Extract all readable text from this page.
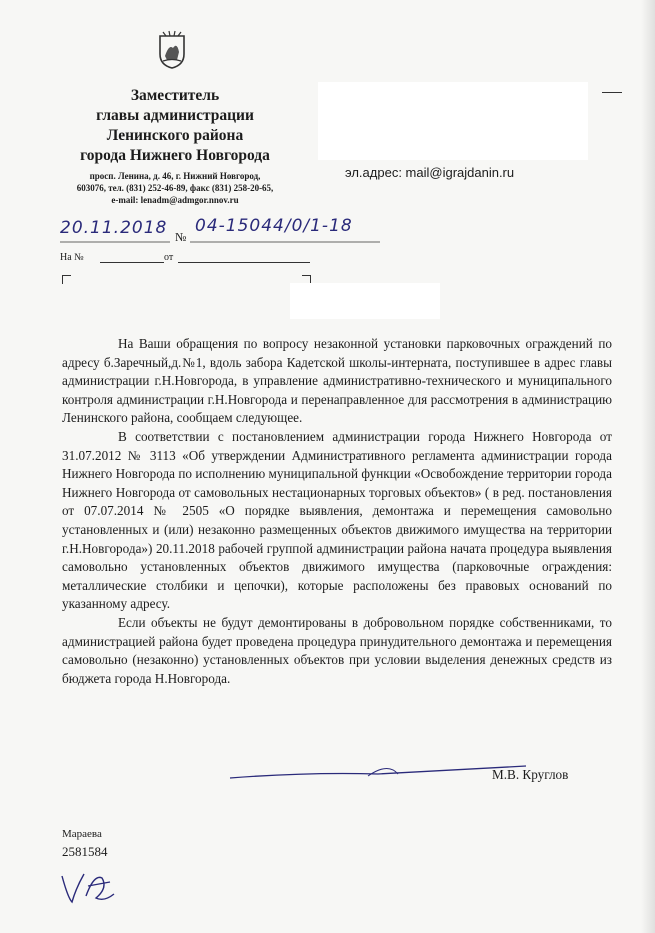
Заместитель
главы администрации
Ленинского района
города Нижнего Новгорода
просп. Ленина, д. 46, г. Нижний Новгород,
603076, тел. (831) 252-46-89, факс (831) 258-20-65,
e-mail: lenadm@admgor.nnov.ru
эл.адрес: mail@igrajdanin.ru
20.11.2018 №
04-15044/0/1-18
На №	от

На Ваши обращения по вопросу незаконной установки парковочных ограждений по адресу б.Заречный,д.№1, вдоль забора Кадетской школы-интерната, поступившее в адрес главы администрации г.Н.Новгорода, в управление административно-технического и муниципального контроля администрации г.Н.Новгорода и перенаправленное для рассмотрения в администрацию Ленинского района, сообщаем следующее.

В соответствии с постановлением администрации города Нижнего Новгорода от 31.07.2012 № 3113 «Об утверждении Административного регламента администрации города Нижнего Новгорода по исполнению муниципальной функции «Освобождение территории города Нижнего Новгорода от самовольных нестационарных торговых объектов» ( в ред. постановления от 07.07.2014 № 2505 «О порядке выявления, демонтажа и перемещения самовольно установленных и (или) незаконно размещенных объектов движимого имущества на территории г.Н.Новгорода») 20.11.2018 рабочей группой администрации района начата процедура выявления самовольно установленных объектов движимого имущества (парковочные ограждения: металлические столбики и цепочки), которые расположены без правовых оснований по указанному адресу.

Если объекты не будут демонтированы в добровольном порядке собственниками, то администрацией района будет проведена процедура принудительного демонтажа и перемещения самовольно (незаконно) установленных объектов при условии выделения денежных средств из бюджета города Н.Новгорода.

М.В. Круглов
Мараева
2581584
